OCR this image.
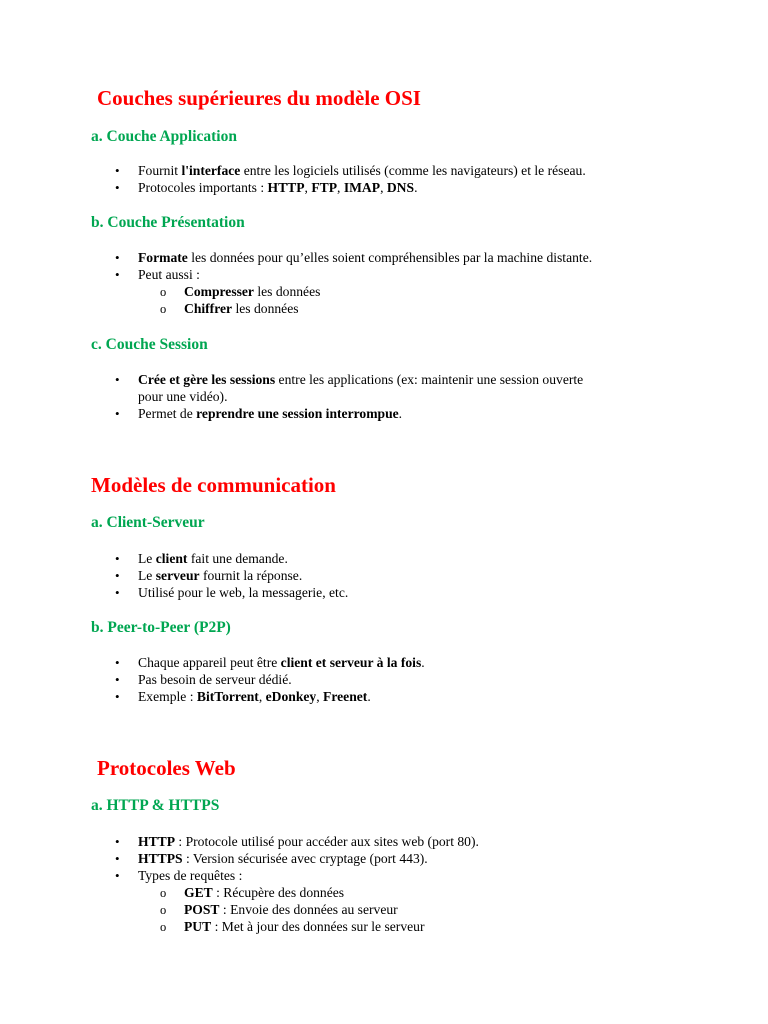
Couches supérieures du modèle OSI
a. Couche Application
• Fournit l'interface entre les logiciels utilisés (comme les navigateurs) et le réseau.
• Protocoles importants : HTTP, FTP, IMAP, DNS.
b. Couche Présentation
• Formate les données pour qu’elles soient compréhensibles par la machine distante.
• Peut aussi :
o Compresser les données
o Chiffrer les données
c. Couche Session
• Crée et gère les sessions entre les applications (ex: maintenir une session ouverte
pour une vidéo).
• Permet de reprendre une session interrompue.
Modèles de communication
a. Client-Serveur
• Le client fait une demande.
• Le serveur fournit la réponse.
• Utilisé pour le web, la messagerie, etc.
b. Peer-to-Peer (P2P)
• Chaque appareil peut être client et serveur à la fois.
• Pas besoin de serveur dédié.
• Exemple : BitTorrent, eDonkey, Freenet.
Protocoles Web
a. HTTP & HTTPS
• HTTP : Protocole utilisé pour accéder aux sites web (port 80).
• HTTPS : Version sécurisée avec cryptage (port 443).
• Types de requêtes :
o GET : Récupère des données
o POST : Envoie des données au serveur
o PUT : Met à jour des données sur le serveur
